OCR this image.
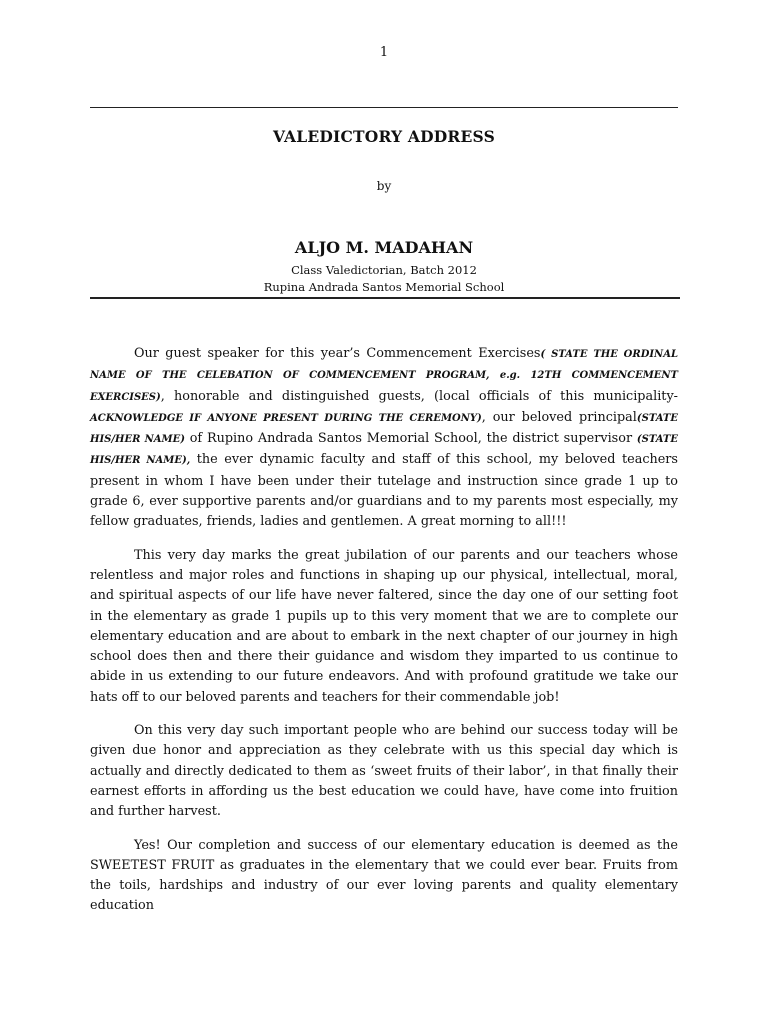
1
VALEDICTORY ADDRESS
by
ALJO M. MADAHAN
Class Valedictorian, Batch 2012
Rupina Andrada Santos Memorial School

Our guest speaker for this year’s Commencement Exercises( STATE THE ORDINAL NAME OF THE CELEBATION OF COMMENCEMENT PROGRAM, e.g. 12TH COMMENCEMENT EXERCISES), honorable and distinguished guests, (local officials of this municipality-ACKNOWLEDGE IF ANYONE PRESENT DURING THE CEREMONY), our beloved principal(STATE HIS/HER NAME) of Rupino Andrada Santos Memorial School, the district supervisor (STATE HIS/HER NAME), the ever dynamic faculty and staff of this school, my beloved teachers present in whom I have been under their tutelage and instruction since grade 1 up to grade 6, ever supportive parents and/or guardians and to my parents most especially, my fellow graduates, friends, ladies and gentlemen. A great morning to all!!!

This very day marks the great jubilation of our parents and our teachers whose relentless and major roles and functions in shaping up our physical, intellectual, moral, and spiritual aspects of our life have never faltered, since the day one of our setting foot in the elementary as grade 1 pupils up to this very moment that we are to complete our elementary education and are about to embark in the next chapter of our journey in high school does then and there their guidance and wisdom they imparted to us continue to abide in us extending to our future endeavors. And with profound gratitude we take our hats off to our beloved parents and teachers for their commendable job!

On this very day such important people who are behind our success today will be given due honor and appreciation as they celebrate with us this special day which is actually and directly dedicated to them as ‘sweet fruits of their labor’, in that finally their earnest efforts in affording us the best education we could have, have come into fruition and further harvest.

Yes! Our completion and success of our elementary education is deemed as the SWEETEST FRUIT as graduates in the elementary that we could ever bear. Fruits from the toils, hardships and industry of our ever loving parents and quality elementary education
